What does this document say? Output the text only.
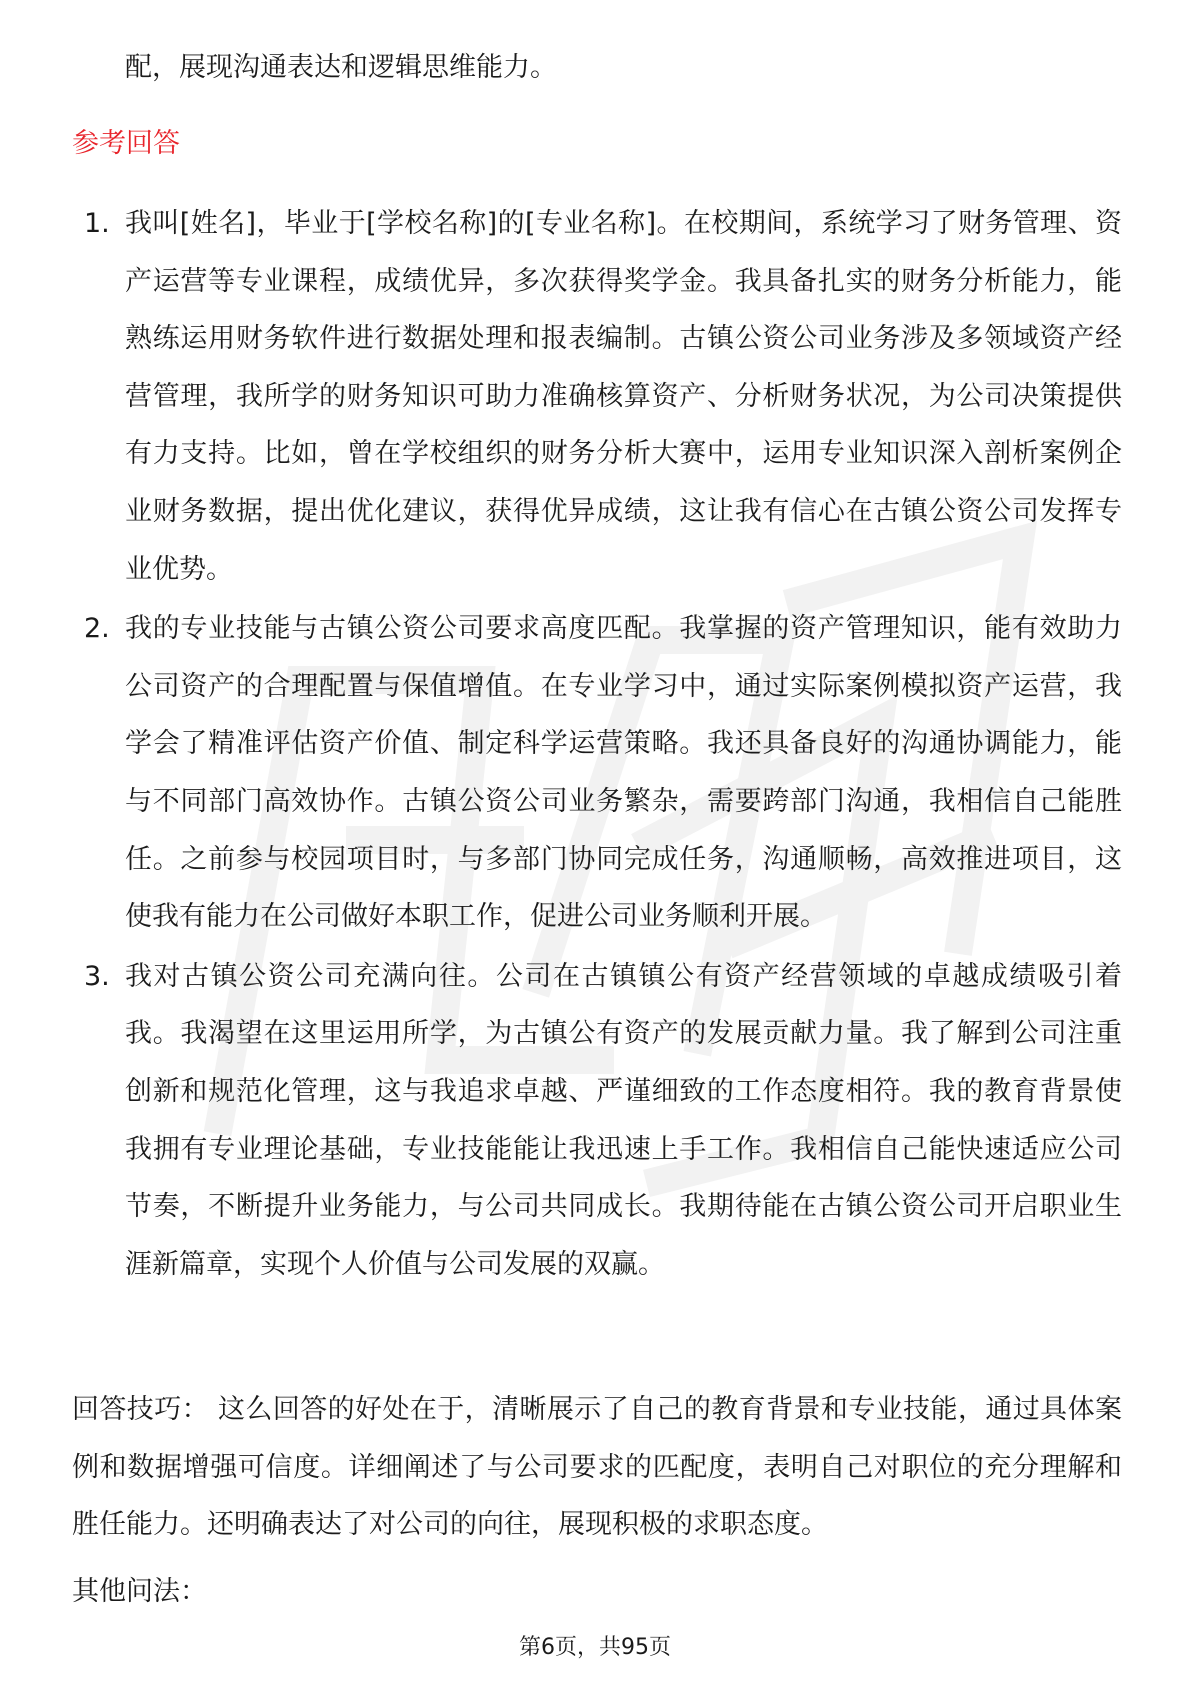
配，展现沟通表达和逻辑思维能力。

参考回答
1. 我叫[姓名]，毕业于[学校名称]的[专业名称]。在校期间，系统学习了财务管理、资产运营等专业课程，成绩优异，多次获得奖学金。我具备扎实的财务分析能力，能熟练运用财务软件进行数据处理和报表编制。古镇公资公司业务涉及多领域资产经营管理，我所学的财务知识可助力准确核算资产、分析财务状况，为公司决策提供有力支持。比如，曾在学校组织的财务分析大赛中，运用专业知识深入剖析案例企业财务数据，提出优化建议，获得优异成绩，这让我有信心在古镇公资公司发挥专业优势。
2. 我的专业技能与古镇公资公司要求高度匹配。我掌握的资产管理知识，能有效助力公司资产的合理配置与保值增值。在专业学习中，通过实际案例模拟资产运营，我学会了精准评估资产价值、制定科学运营策略。我还具备良好的沟通协调能力，能与不同部门高效协作。古镇公资公司业务繁杂，需要跨部门沟通，我相信自己能胜任。之前参与校园项目时，与多部门协同完成任务，沟通顺畅，高效推进项目，这使我有能力在公司做好本职工作，促进公司业务顺利开展。
3. 我对古镇公资公司充满向往。公司在古镇镇公有资产经营领域的卓越成绩吸引着我。我渴望在这里运用所学，为古镇公有资产的发展贡献力量。我了解到公司注重创新和规范化管理，这与我追求卓越、严谨细致的工作态度相符。我的教育背景使我拥有专业理论基础，专业技能能让我迅速上手工作。我相信自己能快速适应公司节奏，不断提升业务能力，与公司共同成长。我期待能在古镇公资公司开启职业生涯新篇章，实现个人价值与公司发展的双赢。

回答技巧： 这么回答的好处在于，清晰展示了自己的教育背景和专业技能，通过具体案例和数据增强可信度。详细阐述了与公司要求的匹配度，表明自己对职位的充分理解和胜任能力。还明确表达了对公司的向往，展现积极的求职态度。

其他问法：

第6页，共95页
